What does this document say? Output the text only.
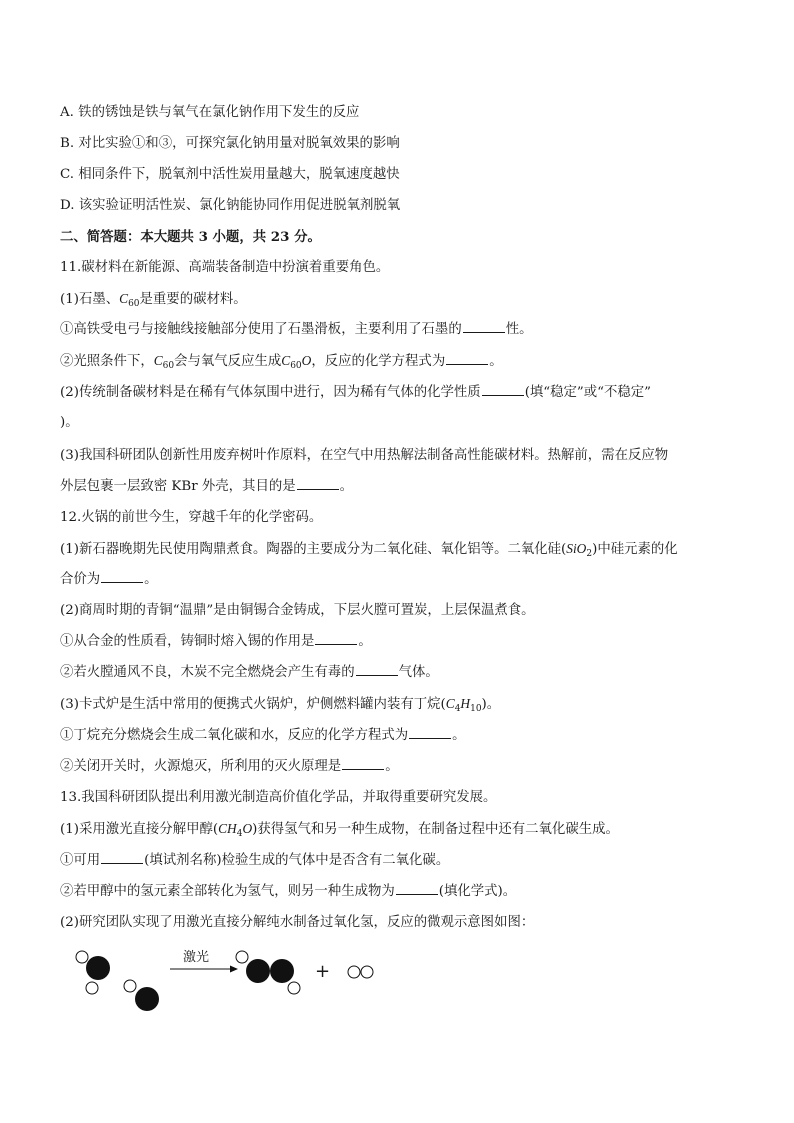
A. 铁的锈蚀是铁与氧气在氯化钠作用下发生的反应
B. 对比实验①和③，可探究氯化钠用量对脱氧效果的影响
C. 相同条件下，脱氧剂中活性炭用量越大，脱氧速度越快
D. 该实验证明活性炭、氯化钠能协同作用促进脱氧剂脱氧
二、简答题：本大题共 3 小题，共 23 分。
11.碳材料在新能源、高端装备制造中扮演着重要角色。
(1)石墨、$C_{60}$是重要的碳材料。
①高铁受电弓与接触线接触部分使用了石墨滑板，主要利用了石墨的	性。
②光照条件下，$C_{60}$会与氧气反应生成$C_{60}O$，反应的化学方程式为	。
(2)传统制备碳材料是在稀有气体氛围中进行，因为稀有气体的化学性质	(填“稳定”或“不稳定”
)。
(3)我国科研团队创新性用废弃树叶作原料，在空气中用热解法制备高性能碳材料。热解前，需在反应物
外层包裹一层致密 KBr 外壳，其目的是	。
12.火锅的前世今生，穿越千年的化学密码。
(1)新石器晚期先民使用陶鼎煮食。陶器的主要成分为二氧化硅、氧化铝等。二氧化硅(SiO$_2$)中硅元素的化
合价为	。
(2)商周时期的青铜“温鼎”是由铜锡合金铸成，下层火膛可置炭，上层保温煮食。
①从合金的性质看，铸铜时熔入锡的作用是	。
②若火膛通风不良，木炭不完全燃烧会产生有毒的	气体。
(3)卡式炉是生活中常用的便携式火锅炉，炉侧燃料罐内装有丁烷$(C_4H_{10})$。
①丁烷充分燃烧会生成二氧化碳和水，反应的化学方程式为	。
②关闭开关时，火源熄灭，所利用的灭火原理是	。
13.我国科研团队提出利用激光制造高价值化学品，并取得重要研究发展。
(1)采用激光直接分解甲醇$(CH_4O)$获得氢气和另一种生成物，在制备过程中还有二氧化碳生成。
①可用	(填试剂名称)检验生成的气体中是否含有二氧化碳。
②若甲醇中的氢元素全部转化为氢气，则另一种生成物为	(填化学式)。
(2)研究团队实现了用激光直接分解纯水制备过氧化氢，反应的微观示意图如图：
激光
+
